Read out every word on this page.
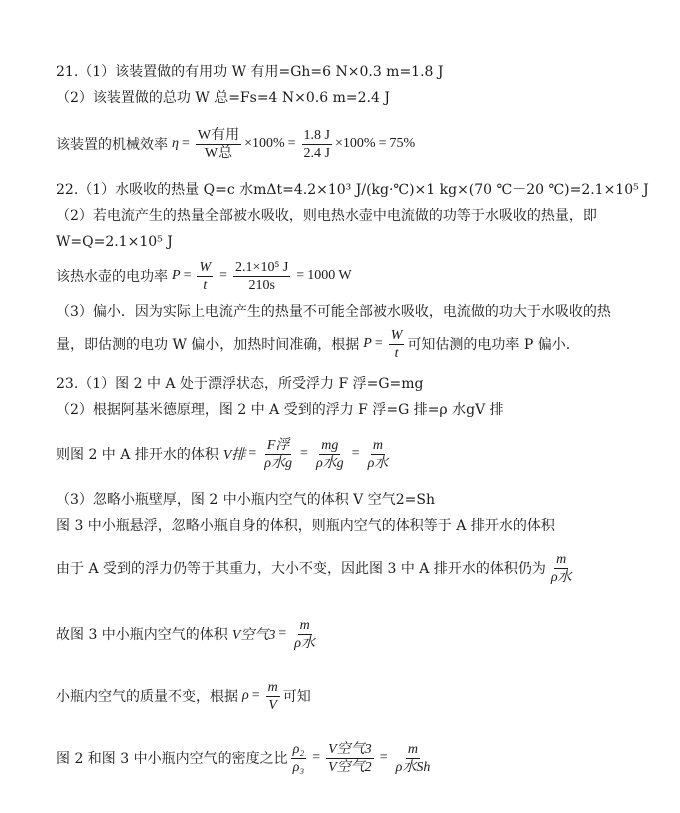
21.（1）该装置做的有用功 W 有用=Gh=6 N×0.3 m=1.8 J
（2）该装置做的总功 W 总=Fs=4 N×0.6 m=2.4 J
该装置的机械效率 $\eta = \frac{\text{W有用}}{\text{W总}} \times 100\% = \frac{1.8 J}{2.4 J} \times 100\% = 75\%$
22.（1）水吸收的热量 Q=c 水mΔt=4.2×10³ J/(kg·℃)×1 kg×(70 ℃－20 ℃)=2.1×10⁵ J
（2）若电流产生的热量全部被水吸收，则电热水壶中电流做的功等于水吸收的热量，即
W=Q=2.1×10⁵ J
该热水壶的电功率 $P = \frac{W}{t} = \frac{\text{2.1×10⁵ J}}{210s} = 1000$ W
（3）偏小．因为实际上电流产生的热量不可能全部被水吸收，电流做的功大于水吸收的热
量，即估测的电功 W 偏小，加热时间准确，根据 $P = \frac{W}{t}$ 可知估测的电功率 P 偏小.
23.（1）图 2 中 A 处于漂浮状态，所受浮力 F 浮=G=mg
（2）根据阿基米德原理，图 2 中 A 受到的浮力 F 浮=G 排=ρ 水gV 排
则图 2 中 A 排开水的体积 V排 = $\frac{\text{F浮}}{\text{ρ水g}} = \frac{mg}{\text{ρ水g}} = \frac{m}{\text{ρ水}}$
（3）忽略小瓶壁厚，图 2 中小瓶内空气的体积 V 空气2=Sh
图 3 中小瓶悬浮，忽略小瓶自身的体积，则瓶内空气的体积等于 A 排开水的体积
由于 A 受到的浮力仍等于其重力，大小不变，因此图 3 中 A 排开水的体积仍为 $\frac{m}{\text{ρ水}}$
故图 3 中小瓶内空气的体积 V空气$3 = \frac{m}{\text{ρ水}}$
小瓶内空气的质量不变，根据 $\rho = \frac{m}{V}$ 可知
图 2 和图 3 中小瓶内空气的密度之比 $\frac{\text{ρ₂}}{\text{ρ₃}} = \frac{\text{V空气3}}{\text{V空气2}} = \frac{m}{\text{ρ水Sh}}$
